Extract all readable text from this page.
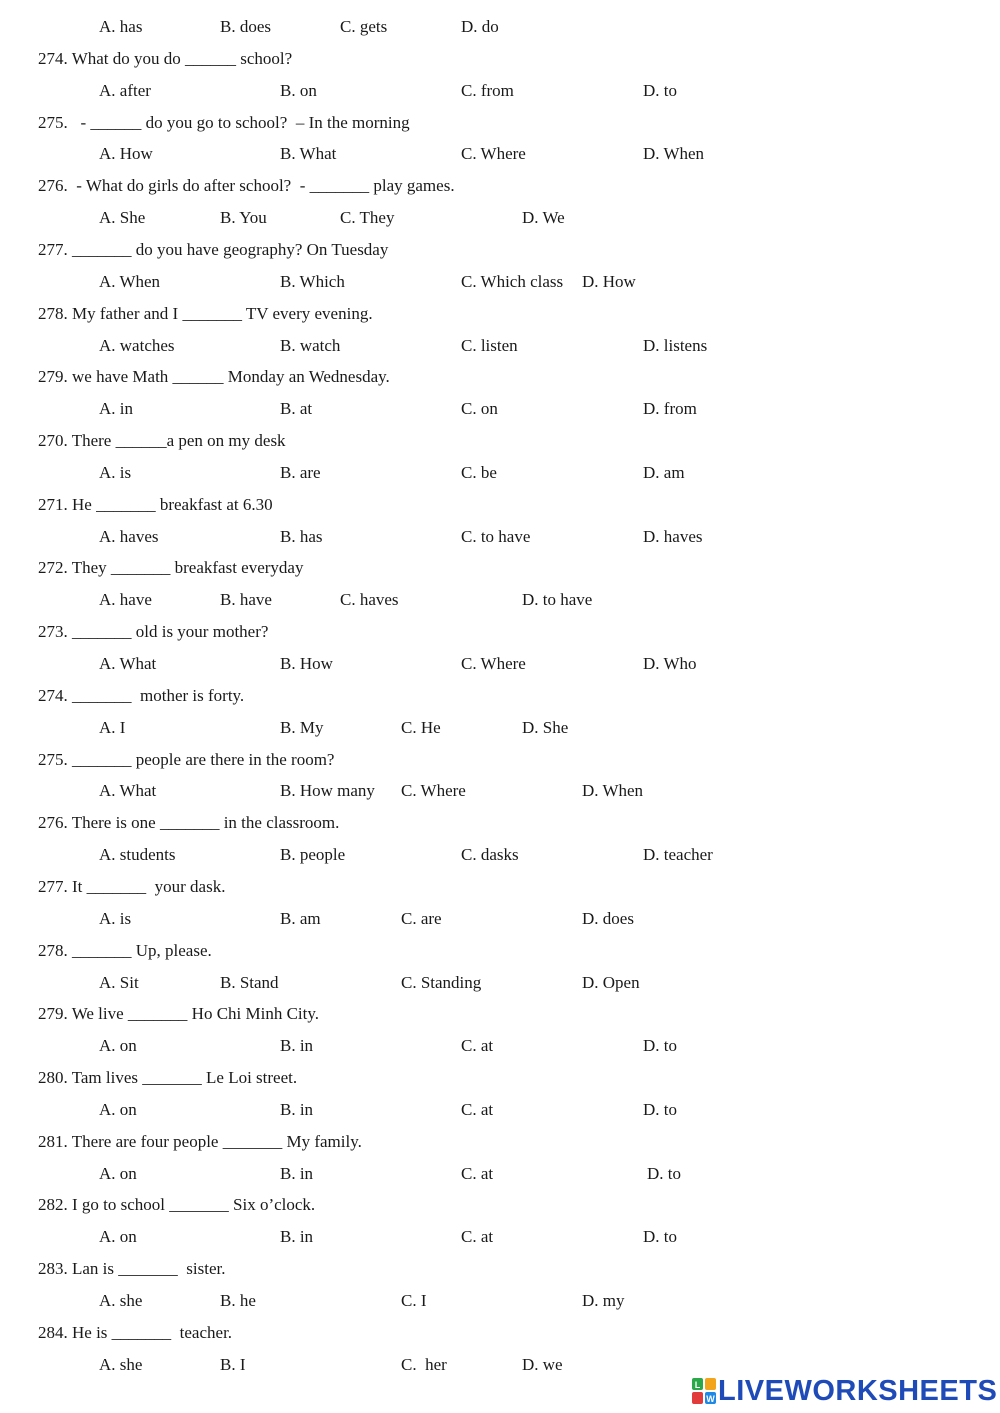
A. has	B. does	C. gets	D. do
274. What do you do ______ school?
A. after	B. on	C. from	D. to
275.   - ______ do you go to school?  – In the morning
A. How	B. What	C. Where	D. When
276.  - What do girls do after school?  - _______ play games.
A. She	B. You	C. They	D. We
277. _______ do you have geography? On Tuesday
A. When	B. Which	C. Which class D. How
278. My father and I _______ TV every evening.
A. watches	B. watch	C. listen	D. listens
279. we have Math ______ Monday an Wednesday.
A. in	B. at	C. on	D. from
270. There ______a pen on my desk
A. is	B. are	C. be	D. am
271. He _______ breakfast at 6.30
A. haves	B. has	C. to have	D. haves
272. They _______ breakfast everyday
A. have	B. have	C. haves	D. to have
273. _______ old is your mother?
A. What	B. How	C. Where	D. Who
274. _______  mother is forty.
A. I	B. My	C. He	D. She
275. _______ people are there in the room?
A. What	B. How many C. Where	D. When
276. There is one _______ in the classroom.
A. students	B. people	C. dasks	D. teacher
277. It _______  your dask.
A. is	B. am	C. are	D. does
278. _______ Up, please.
A. Sit	B. Stand	C. Standing	D. Open
279. We live _______ Ho Chi Minh City.
A. on	B. in	C. at	D. to
280. Tam lives _______ Le Loi street.
A. on	B. in	C. at	D. to
281. There are four people _______ My family.
A. on	B. in	C. at	D. to
282. I go to school _______ Six o’clock.
A. on	B. in	C. at	D. to
283. Lan is _______  sister.
A. she	B. he	C. I	D. my
284. He is _______  teacher.
A. she	B. I	C.  her	D. we
L
W LIVEWORKSHEETS
